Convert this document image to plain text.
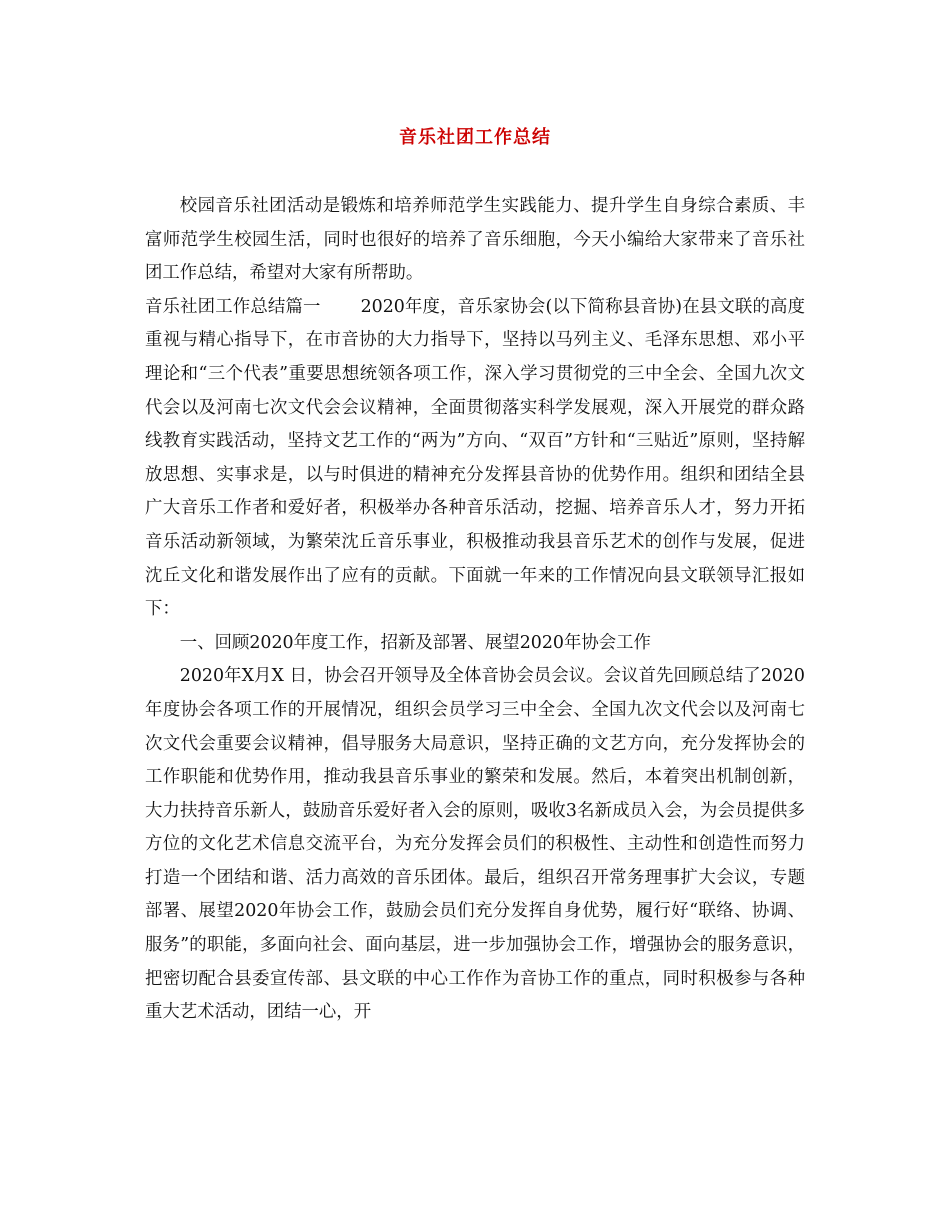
音乐社团工作总结

校园音乐社团活动是锻炼和培养师范学生实践能力、提升学生自身综合素质、丰富师范学生校园生活，同时也很好的培养了音乐细胞，今天小编给大家带来了音乐社团工作总结，希望对大家有所帮助。

音乐社团工作总结篇一 2020年度，音乐家协会(以下简称县音协)在县文联的高度重视与精心指导下，在市音协的大力指导下，坚持以马列主义、毛泽东思想、邓小平理论和“三个代表”重要思想统领各项工作，深入学习贯彻党的三中全会、全国九次文代会以及河南七次文代会会议精神，全面贯彻落实科学发展观，深入开展党的群众路线教育实践活动，坚持文艺工作的“两为”方向、“双百”方针和“三贴近”原则，坚持解放思想、实事求是，以与时俱进的精神充分发挥县音协的优势作用。组织和团结全县广大音乐工作者和爱好者，积极举办各种音乐活动，挖掘、培养音乐人才，努力开拓音乐活动新领域，为繁荣沈丘音乐事业，积极推动我县音乐艺术的创作与发展，促进沈丘文化和谐发展作出了应有的贡献。下面就一年来的工作情况向县文联领导汇报如下：

一、回顾2020年度工作，招新及部署、展望2020年协会工作

2020年X月X 日，协会召开领导及全体音协会员会议。会议首先回顾总结了2020年度协会各项工作的开展情况，组织会员学习三中全会、全国九次文代会以及河南七次文代会重要会议精神，倡导服务大局意识，坚持正确的文艺方向，充分发挥协会的工作职能和优势作用，推动我县音乐事业的繁荣和发展。然后，本着突出机制创新，大力扶持音乐新人，鼓励音乐爱好者入会的原则，吸收3名新成员入会，为会员提供多方位的文化艺术信息交流平台，为充分发挥会员们的积极性、主动性和创造性而努力打造一个团结和谐、活力高效的音乐团体。最后，组织召开常务理事扩大会议，专题部署、展望2020年协会工作，鼓励会员们充分发挥自身优势，履行好“联络、协调、服务”的职能，多面向社会、面向基层，进一步加强协会工作，增强协会的服务意识，把密切配合县委宣传部、县文联的中心工作作为音协工作的重点，同时积极参与各种重大艺术活动，团结一心，开
